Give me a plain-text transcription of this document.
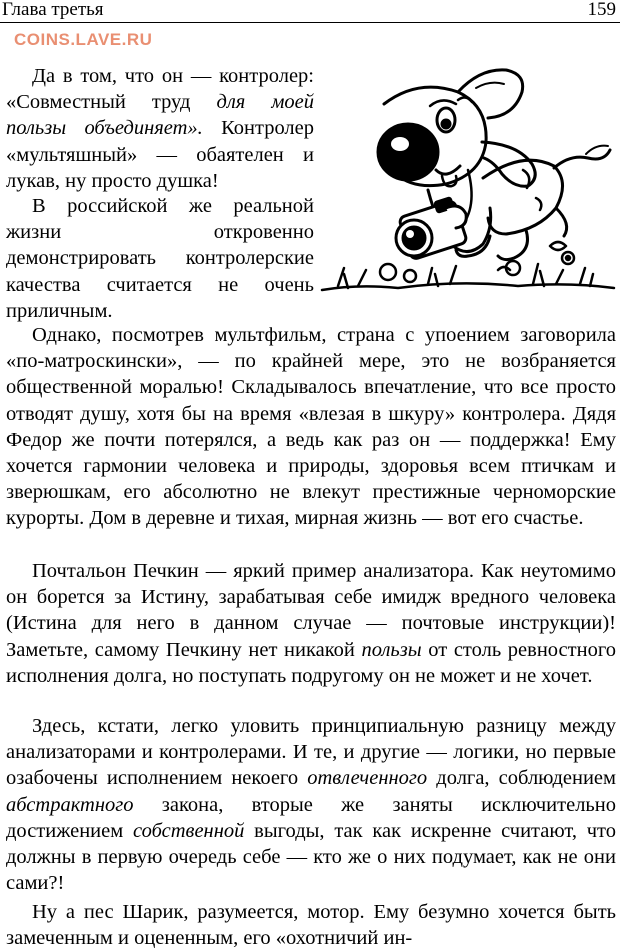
Глава третья	159
COINS.LAVE.RU
Да в том, что он — контролер: «Совместный труд для моей пользы объединяет». Контролер «мультяшный» — обаятелен и лукав, ну просто душка!
В российской же реальной жизни откровенно демонстрировать контролерские качества считается не очень приличным.
Однако, посмотрев мультфильм, страна с упоением заговорила «по-матроскински», — по крайней мере, это не возбраняется общественной моралью! Складывалось впечатление, что все просто отводят душу, хотя бы на время «влезая в шкуру» контролера. Дядя Федор же почти потерялся, а ведь как раз он — поддержка! Ему хочется гармонии человека и природы, здоровья всем птичкам и зверюшкам, его абсолютно не влекут престижные черноморские курорты. Дом в деревне и тихая, мирная жизнь — вот его счастье.
Почтальон Печкин — яркий пример анализатора. Как неутомимо он борется за Истину, зарабатывая себе имидж вредного человека (Истина для него в данном случае — почтовые инструкции)! Заметьте, самому Печкину нет никакой пользы от столь ревностного исполнения долга, но поступать подругому он не может и не хочет.
Здесь, кстати, легко уловить принципиальную разницу между анализаторами и контролерами. И те, и другие — логики, но первые озабочены исполнением некоего отвлеченного долга, соблюдением абстрактного закона, вторые же заняты исключительно достижением собственной выгоды, так как искренне считают, что должны в первую очередь себе — кто же о них подумает, как не они сами?!
Ну а пес Шарик, разумеется, мотор. Ему безумно хочется быть замеченным и оцененным, его «охотничий ин-
